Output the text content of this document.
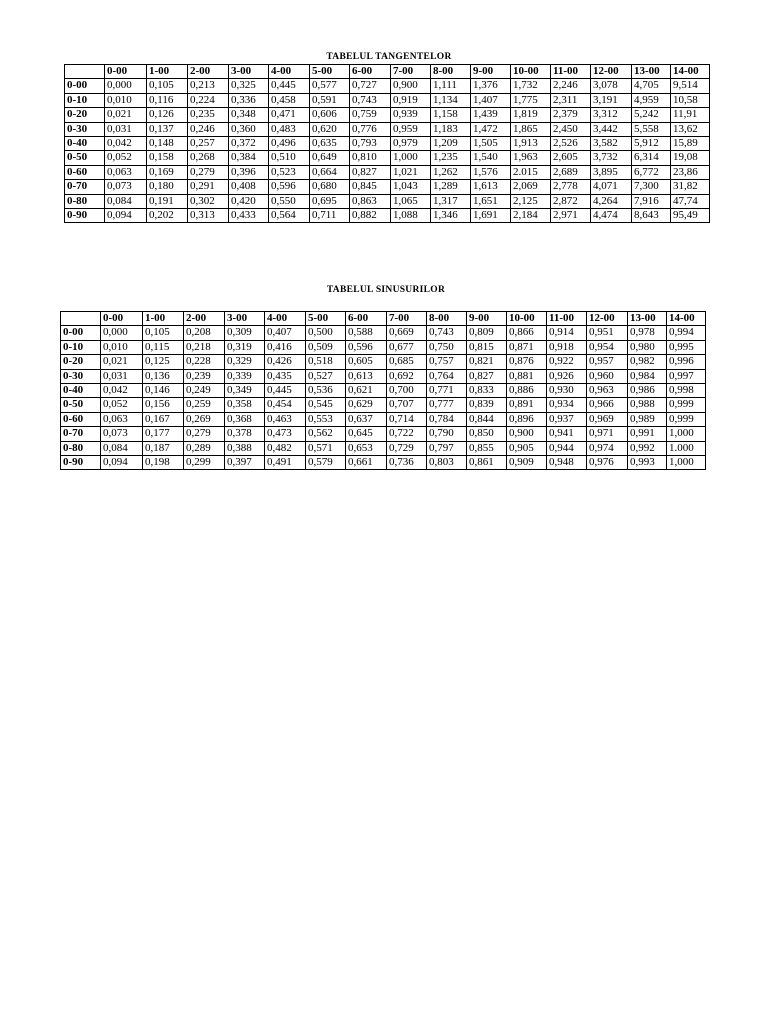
TABELUL TANGENTELOR
	0-00	1-00	2-00	3-00	4-00	5-00	6-00	7-00	8-00	9-00	10-00	11-00	12-00	13-00	14-00
0-00	0,000	0,105	0,213	0,325	0,445	0,577	0,727	0,900	1,111	1,376	1,732	2,246	3,078	4,705	9,514
0-10	0,010	0,116	0,224	0,336	0,458	0,591	0,743	0,919	1,134	1,407	1,775	2,311	3,191	4,959	10,58
0-20	0,021	0,126	0,235	0,348	0,471	0,606	0,759	0,939	1,158	1,439	1,819	2,379	3,312	5,242	11,91
0-30	0,031	0,137	0,246	0,360	0,483	0,620	0,776	0,959	1,183	1,472	1,865	2,450	3,442	5,558	13,62
0-40	0,042	0,148	0,257	0,372	0,496	0,635	0,793	0,979	1,209	1,505	1,913	2,526	3,582	5,912	15,89
0-50	0,052	0,158	0,268	0,384	0,510	0,649	0,810	1,000	1,235	1,540	1,963	2,605	3,732	6,314	19,08
0-60	0,063	0,169	0,279	0,396	0,523	0,664	0,827	1,021	1,262	1,576	2.015	2,689	3,895	6,772	23,86
0-70	0,073	0,180	0,291	0,408	0,596	0,680	0,845	1,043	1,289	1,613	2,069	2,778	4,071	7,300	31,82
0-80	0,084	0,191	0,302	0,420	0,550	0,695	0,863	1,065	1,317	1,651	2,125	2,872	4,264	7,916	47,74
0-90	0,094	0,202	0,313	0,433	0,564	0,711	0,882	1,088	1,346	1,691	2,184	2,971	4,474	8,643	95,49
TABELUL SINUSURILOR
	0-00	1-00	2-00	3-00	4-00	5-00	6-00	7-00	8-00	9-00	10-00	11-00	12-00	13-00	14-00
0-00	0,000	0,105	0,208	0,309	0,407	0,500	0,588	0,669	0,743	0,809	0,866	0,914	0,951	0,978	0,994
0-10	0,010	0,115	0,218	0,319	0,416	0,509	0,596	0,677	0,750	0,815	0,871	0,918	0,954	0,980	0,995
0-20	0,021	0,125	0,228	0,329	0,426	0,518	0,605	0,685	0,757	0,821	0,876	0,922	0,957	0,982	0,996
0-30	0,031	0,136	0,239	0,339	0,435	0,527	0,613	0,692	0,764	0,827	0,881	0,926	0,960	0,984	0,997
0-40	0,042	0,146	0,249	0,349	0,445	0,536	0,621	0,700	0,771	0,833	0,886	0,930	0,963	0,986	0,998
0-50	0,052	0,156	0,259	0,358	0,454	0,545	0,629	0,707	0,777	0,839	0,891	0,934	0,966	0,988	0,999
0-60	0,063	0,167	0,269	0,368	0,463	0,553	0,637	0,714	0,784	0,844	0,896	0,937	0,969	0,989	0,999
0-70	0,073	0,177	0,279	0,378	0,473	0,562	0,645	0,722	0,790	0,850	0,900	0,941	0,971	0,991	1,000
0-80	0,084	0,187	0,289	0,388	0,482	0,571	0,653	0,729	0,797	0,855	0,905	0,944	0,974	0,992	1.000
0-90	0,094	0,198	0,299	0,397	0,491	0,579	0,661	0,736	0,803	0,861	0,909	0,948	0,976	0,993	1,000
